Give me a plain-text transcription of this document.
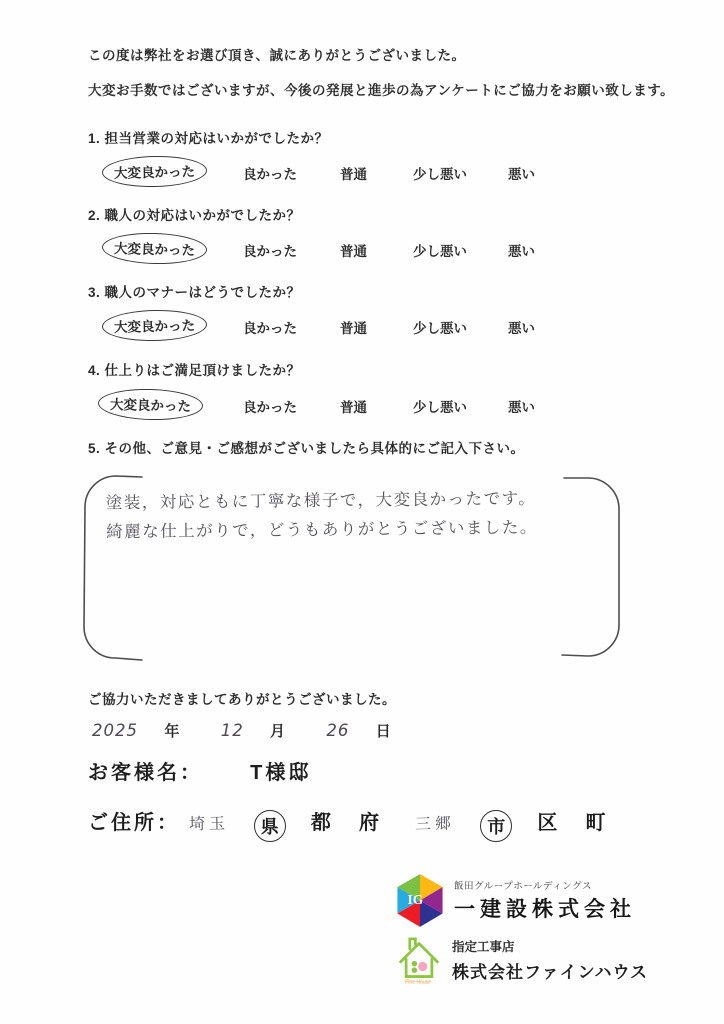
この度は弊社をお選び頂き、誠にありがとうございました。
大変お手数ではございますが、今後の発展と進歩の為アンケートにご協力をお願い致します。
1. 担当営業の対応はいかがでしたか？
大変良かった	良かった	普通	少し悪い	悪い
2. 職人の対応はいかがでしたか？
大変良かった	良かった	普通	少し悪い	悪い
3. 職人のマナーはどうでしたか？
大変良かった	良かった	普通	少し悪い	悪い
4. 仕上りはご満足頂けましたか？
大変良かった	良かった	普通	少し悪い	悪い
5. その他、ご意見・ご感想がございましたら具体的にご記入下さい。
塗装，対応ともに丁寧な様子で，大変良かったです。
綺麗な仕上がりで，どうもありがとうございました。
ご協力いただきましてありがとうございました。
2025 年 12 月 26 日
お客様名： T様邸
ご住所： 埼玉 県 都 府 三郷 市 区 町
IG
飯田グループホールディングス
一建設株式会社
Fine House
指定工事店
株式会社ファインハウス
